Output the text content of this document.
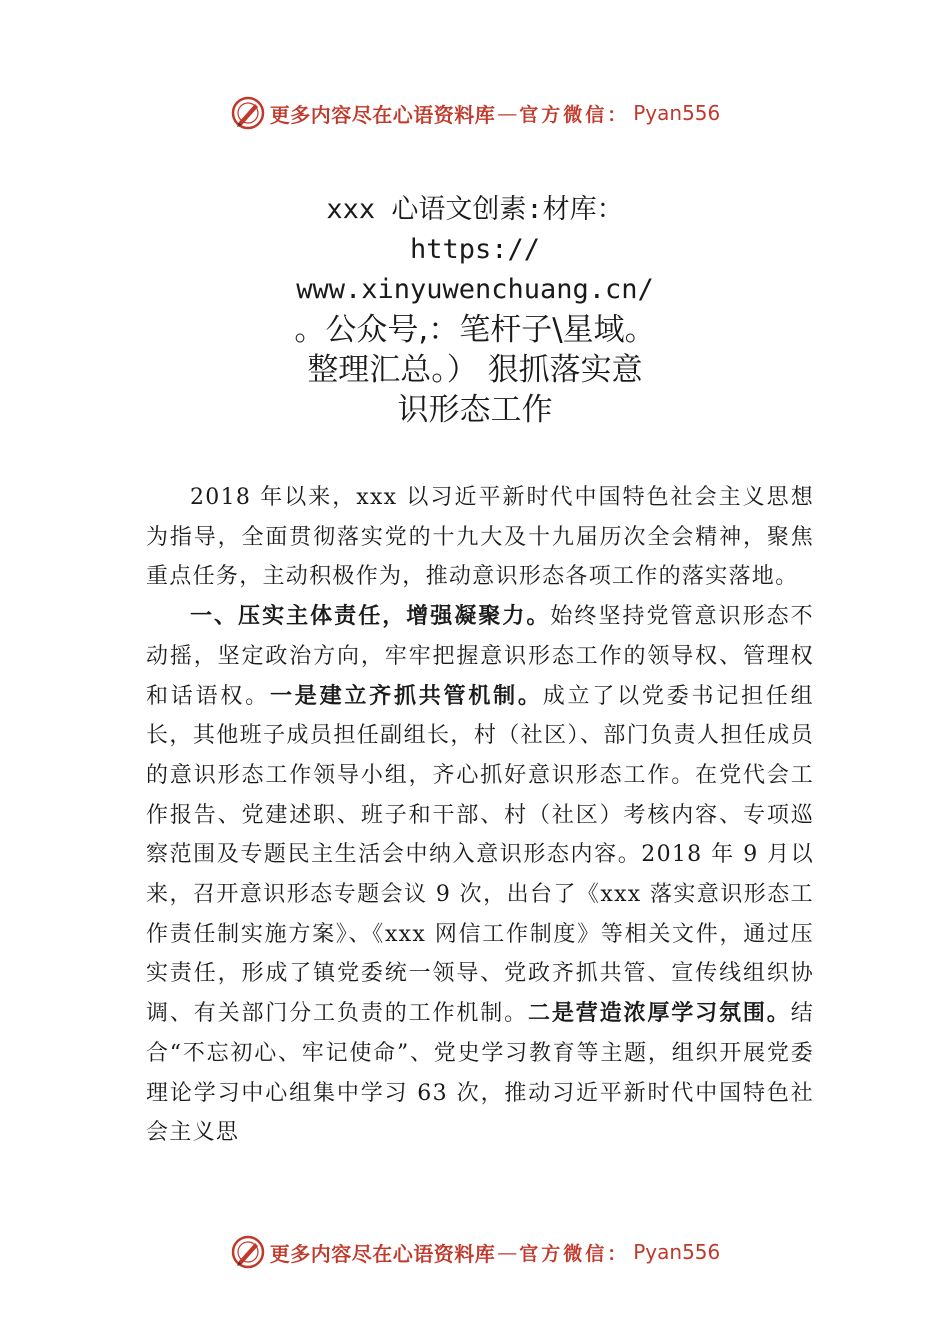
更多内容尽在心语资料库 — 官方微信： Pyan556
xxx 心语文创素:材库：
https://
www.xinyuwenchuang.cn/
。公众号,：笔杆子\星域。
整理汇总。） 狠抓落实意
识形态工作

2018 年以来，xxx 以习近平新时代中国特色社会主义思想为指导，全面贯彻落实党的十九大及十九届历次全会精神，聚焦重点任务，主动积极作为，推动意识形态各项工作的落实落地。

一、压实主体责任，增强凝聚力。始终坚持党管意识形态不动摇，坚定政治方向，牢牢把握意识形态工作的领导权、管理权和话语权。一是建立齐抓共管机制。成立了以党委书记担任组长，其他班子成员担任副组长，村（社区）、部门负责人担任成员的意识形态工作领导小组，齐心抓好意识形态工作。在党代会工作报告、党建述职、班子和干部、村（社区）考核内容、专项巡察范围及专题民主生活会中纳入意识形态内容。2018 年 9 月以来，召开意识形态专题会议 9 次，出台了《xxx 落实意识形态工作责任制实施方案》、《xxx 网信工作制度》等相关文件，通过压实责任，形成了镇党委统一领导、党政齐抓共管、宣传线组织协调、有关部门分工负责的工作机制。二是营造浓厚学习氛围。结合“不忘初心、牢记使命”、党史学习教育等主题，组织开展党委理论学习中心组集中学习 63 次，推动习近平新时代中国特色社会主义思

更多内容尽在心语资料库 — 官方微信： Pyan556
